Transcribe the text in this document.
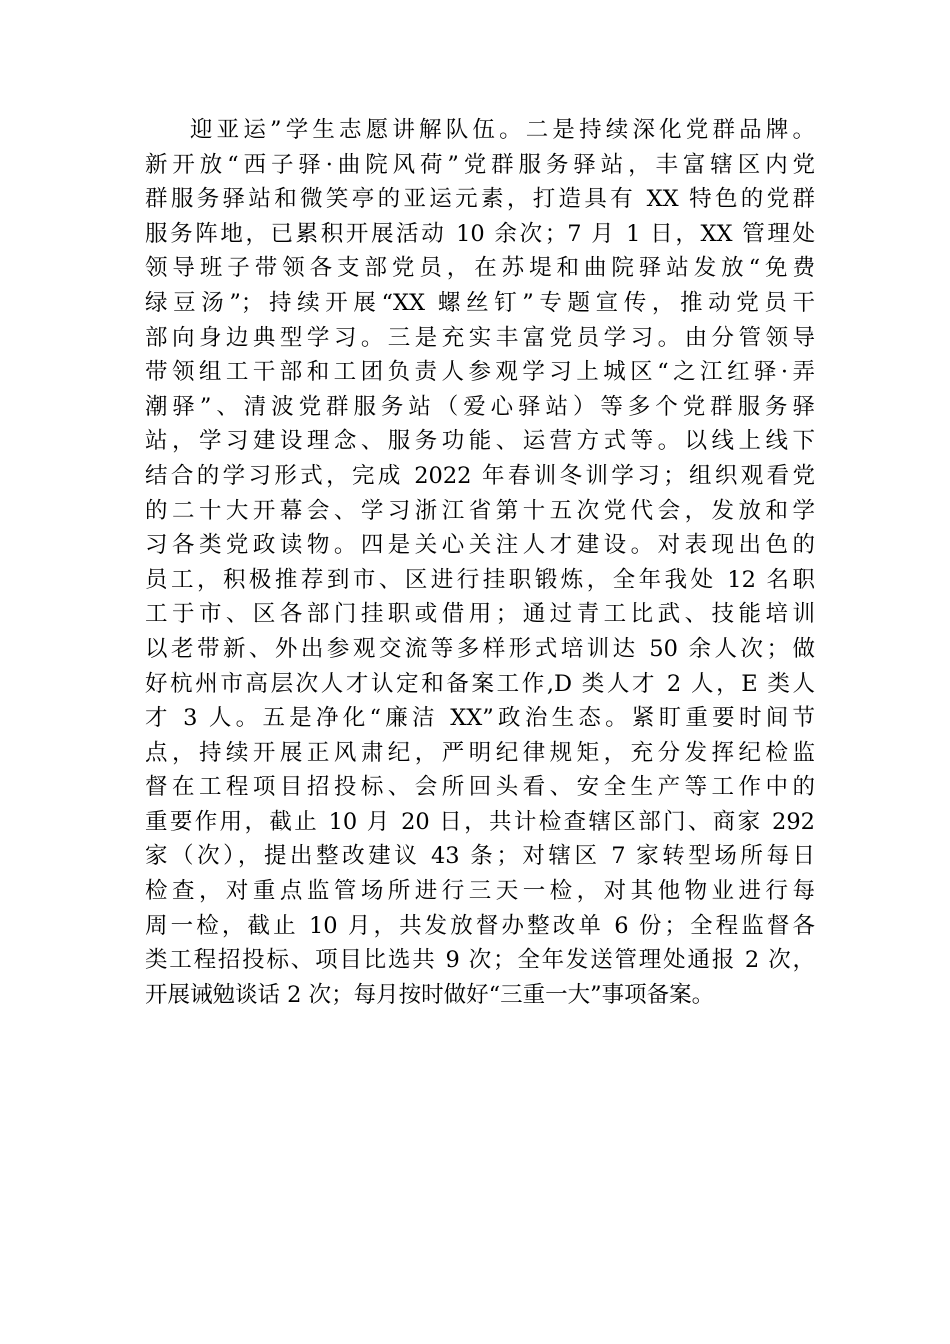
迎亚运”学生志愿讲解队伍。二是持续深化党群品牌。
新开放“西子驿·曲院风荷”党群服务驿站，丰富辖区内党
群服务驿站和微笑亭的亚运元素，打造具有 XX 特色的党群
服务阵地，已累积开展活动 10 余次；7 月 1 日，XX 管理处
领导班子带领各支部党员，在苏堤和曲院驿站发放“免费
绿豆汤”；持续开展“XX 螺丝钉”专题宣传，推动党员干
部向身边典型学习。三是充实丰富党员学习。由分管领导
带领组工干部和工团负责人参观学习上城区“之江红驿·弄
潮驿”、清波党群服务站（爱心驿站）等多个党群服务驿
站，学习建设理念、服务功能、运营方式等。以线上线下
结合的学习形式，完成 2022 年春训冬训学习；组织观看党
的二十大开幕会、学习浙江省第十五次党代会，发放和学
习各类党政读物。四是关心关注人才建设。对表现出色的
员工，积极推荐到市、区进行挂职锻炼，全年我处 12 名职
工于市、区各部门挂职或借用；通过青工比武、技能培训
以老带新、外出参观交流等多样形式培训达 50 余人次；做
好杭州市高层次人才认定和备案工作,D 类人才 2 人，E 类人
才 3 人。五是净化“廉洁 XX”政治生态。紧盯重要时间节
点，持续开展正风肃纪，严明纪律规矩，充分发挥纪检监
督在工程项目招投标、会所回头看、安全生产等工作中的
重要作用，截止 10 月 20 日，共计检查辖区部门、商家 292
家（次），提出整改建议 43 条；对辖区 7 家转型场所每日
检查，对重点监管场所进行三天一检，对其他物业进行每
周一检，截止 10 月，共发放督办整改单 6 份；全程监督各
类工程招投标、项目比选共 9 次；全年发送管理处通报 2 次，
开展诫勉谈话 2 次；每月按时做好“三重一大”事项备案。
